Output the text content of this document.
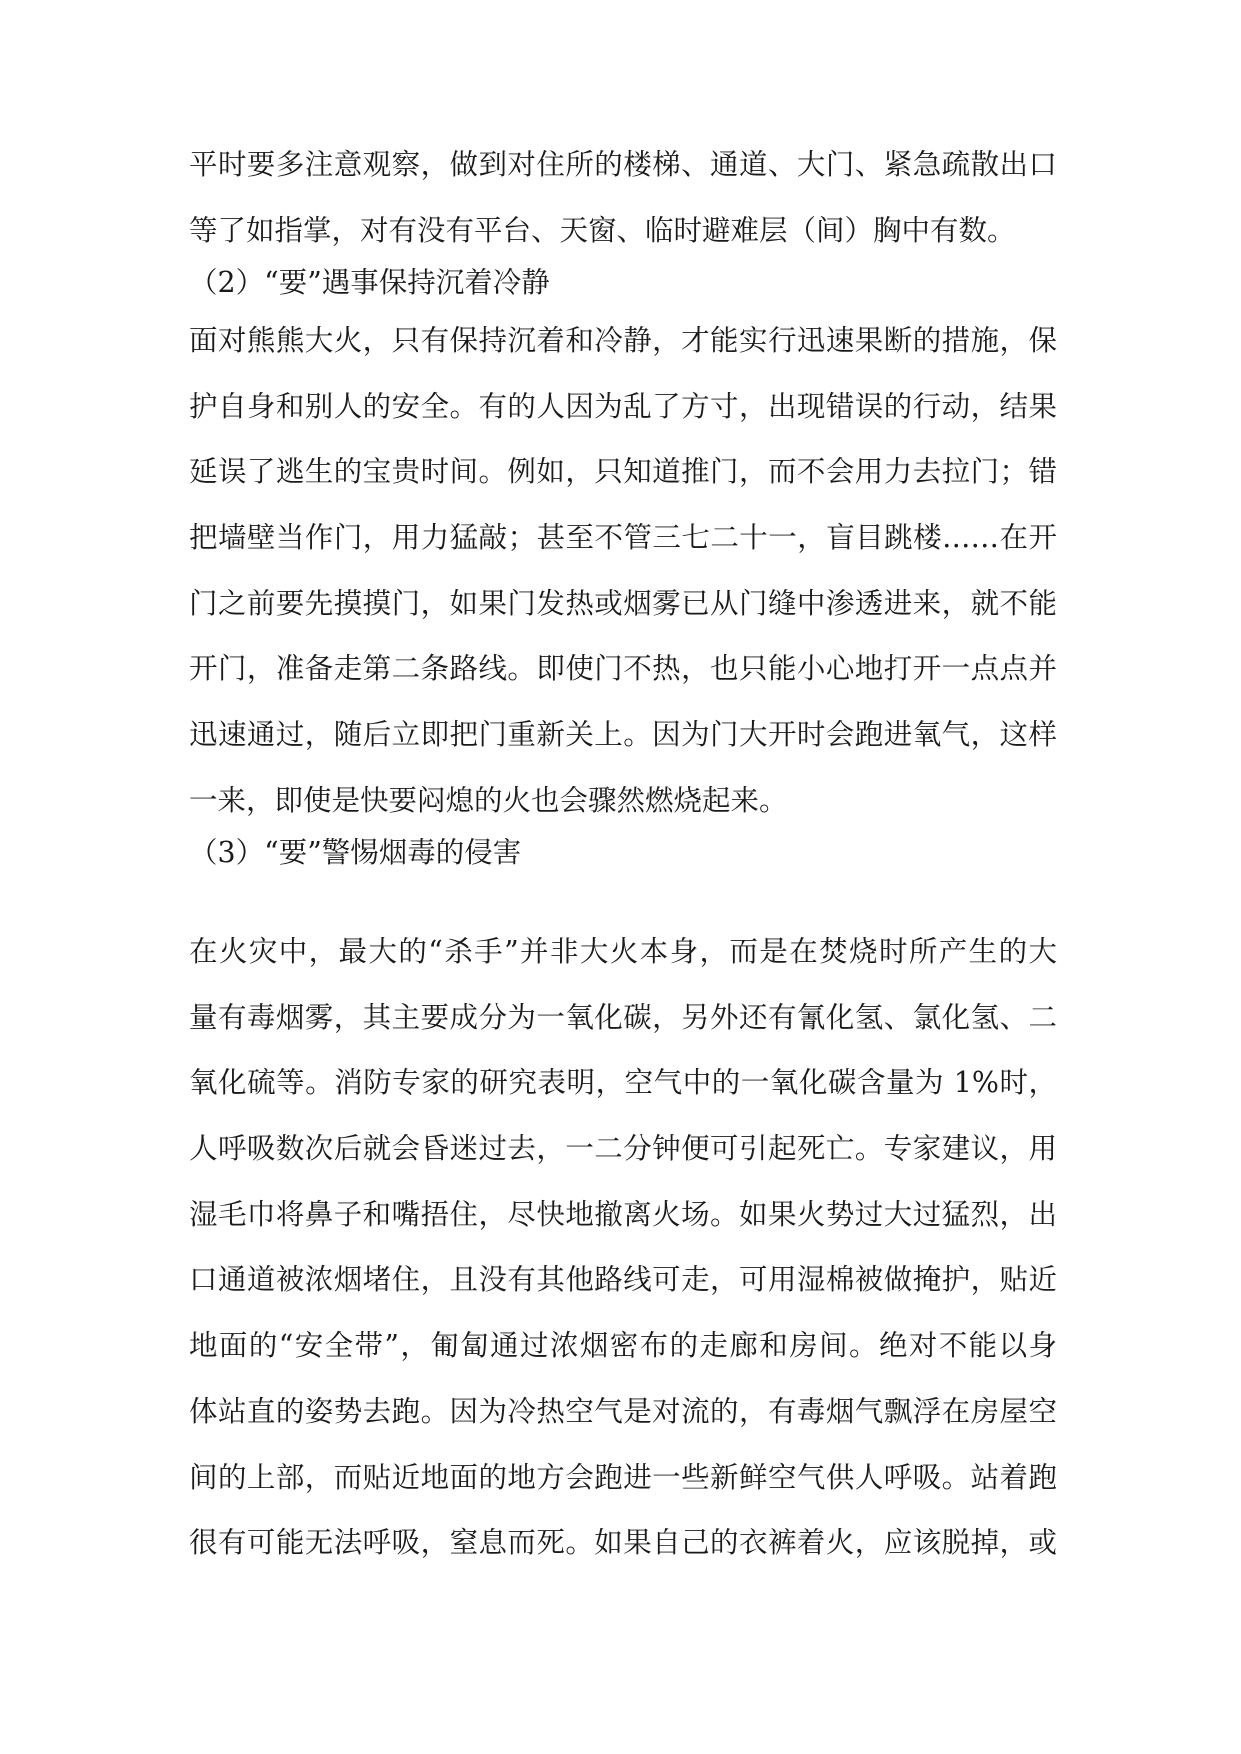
平时要多注意观察，做到对住所的楼梯、通道、大门、紧急疏散出口
等了如指掌，对有没有平台、天窗、临时避难层（间）胸中有数。
（2）“要”遇事保持沉着冷静
面对熊熊大火，只有保持沉着和冷静，才能实行迅速果断的措施，保
护自身和别人的安全。有的人因为乱了方寸，出现错误的行动，结果
延误了逃生的宝贵时间。例如，只知道推门，而不会用力去拉门；错
把墙壁当作门，用力猛敲；甚至不管三七二十一，盲目跳楼……在开
门之前要先摸摸门，如果门发热或烟雾已从门缝中渗透进来，就不能
开门，准备走第二条路线。即使门不热，也只能小心地打开一点点并
迅速通过，随后立即把门重新关上。因为门大开时会跑进氧气，这样
一来，即使是快要闷熄的火也会骤然燃烧起来。
（3）“要”警惕烟毒的侵害
在火灾中，最大的“杀手”并非大火本身，而是在焚烧时所产生的大
量有毒烟雾，其主要成分为一氧化碳，另外还有氰化氢、氯化氢、二
氧化硫等。消防专家的研究表明，空气中的一氧化碳含量为 1%时，
人呼吸数次后就会昏迷过去，一二分钟便可引起死亡。专家建议，用
湿毛巾将鼻子和嘴捂住，尽快地撤离火场。如果火势过大过猛烈，出
口通道被浓烟堵住，且没有其他路线可走，可用湿棉被做掩护，贴近
地面的“安全带”，匍匐通过浓烟密布的走廊和房间。绝对不能以身
体站直的姿势去跑。因为冷热空气是对流的，有毒烟气飘浮在房屋空
间的上部，而贴近地面的地方会跑进一些新鲜空气供人呼吸。站着跑
很有可能无法呼吸，窒息而死。如果自己的衣裤着火，应该脱掉，或
